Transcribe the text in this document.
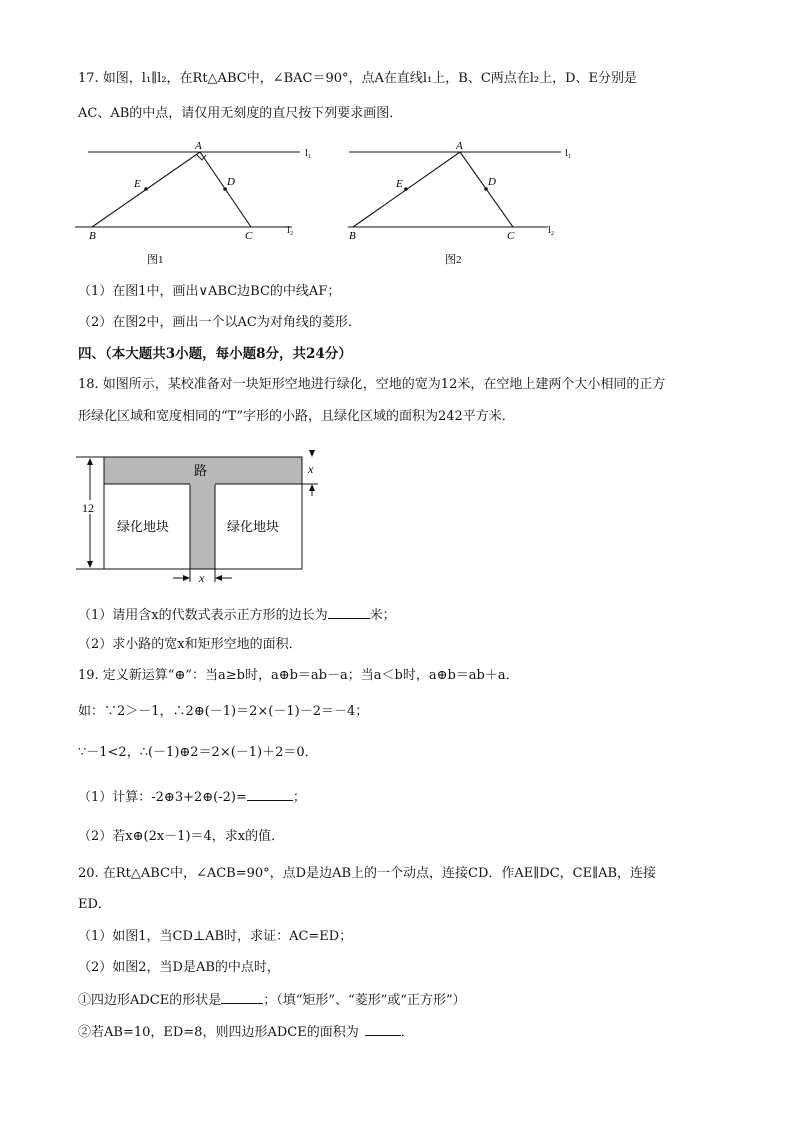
17. 如图，l₁∥l₂，在Rt△ABC中，∠BAC＝90°，点A在直线l₁上，B、C两点在l₂上，D、E分别是
AC、AB的中点，请仅用无刻度的直尺按下列要求画图．
A
l₁
E	D
B	C	l₂
图1
A
l₁
E	D
B	C	l₂
图2
（1）在图1中，画出∨ABC边BC的中线AF；
（2）在图2中，画出一个以AC为对角线的菱形．
四、（本大题共3小题，每小题8分，共24分）
18. 如图所示，某校准备对一块矩形空地进行绿化，空地的宽为12米，在空地上建两个大小相同的正方
形绿化区域和宽度相同的“T”字形的小路，且绿化区域的面积为242平方米．
12
x
x
路
绿化地块	绿化地块
（1）请用含x的代数式表示正方形的边长为	米；
（2）求小路的宽x和矩形空地的面积．
19. 定义新运算“⊕”：当a≥b时，a⊕b＝ab－a；当a＜b时，a⊕b＝ab＋a．
如：∵2＞－1，∴2⊕(－1)＝2×(－1)－2＝－4；
∵－1<2，∴(－1)⊕2＝2×(－1)＋2＝0．
（1）计算：-2⊕3+2⊕(-2)=	；
（2）若x⊕(2x－1)＝4，求x的值．
20. 在Rt△ABC中，∠ACB=90°，点D是边AB上的一个动点，连接CD．作AE∥DC，CE∥AB，连接
ED．
（1）如图1，当CD⊥AB时，求证：AC=ED；
（2）如图2，当D是AB的中点时，
①四边形ADCE的形状是	；（填“矩形”、“菱形”或“正方形”）
②若AB=10，ED=8，则四边形ADCE的面积为	．
